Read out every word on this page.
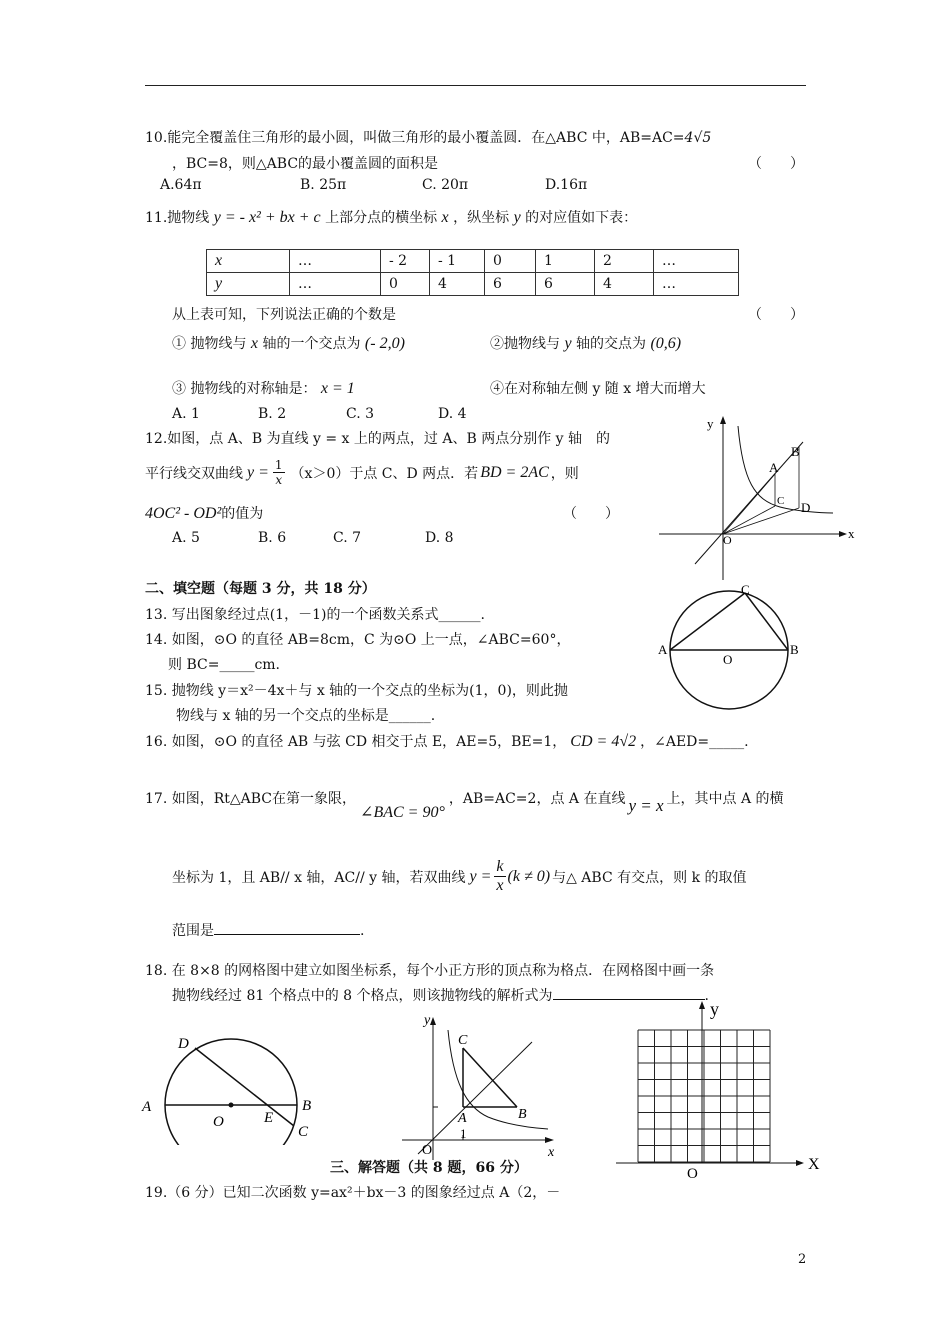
10.能完全覆盖住三角形的最小圆，叫做三角形的最小覆盖圆．在△ABC 中，AB=AC=4√5
，BC=8，则△ABC的最小覆盖圆的面积是	（　　）
A.64π	B. 25π	C. 20π	D.16π
11.抛物线 y = - x² + bx + c 上部分点的横坐标 x ，纵坐标 y 的对应值如下表：
x	…	- 2	- 1	0	1	2	…
y	…	0	4	6	6	4	…
从上表可知，下列说法正确的个数是	（　　）
① 抛物线与 x 轴的一个交点为 (- 2,0)	②抛物线与 y 轴的交点为 (0,6)
③ 抛物线的对称轴是： x = 1	④在对称轴左侧 y 随 x 增大而增大
A. 1	B. 2	C. 3	D. 4
12.如图，点 A、B 为直线 y = x 上的两点，过 A、B 两点分别作 y 轴　的
平行线交双曲线 $y = \frac{1}{x} (x>0)$于点 C、D 两点．若 BD = 2AC ，则
4OC² - OD²的值为	（　　）
A. 5	B. 6	C. 7	D. 8
y
B
A
C D
O	x
二、填空题（每题 3 分，共 18 分）
13. 写出图象经过点(1，－1)的一个函数关系式______.
14. 如图，⊙O 的直径 AB=8cm，C 为⊙O 上一点，∠ABC=60°，
则 BC=_____cm.
15. 抛物线 y＝x²－4x＋与 x 轴的一个交点的坐标为(1，0)，则此抛
物线与 x 轴的另一个交点的坐标是______.
16. 如图，⊙O 的直径 AB 与弦 CD 相交于点 E，AE=5，BE=1， CD = 4√2 ，∠AED=_____.
C
A
O
B
17. 如图，Rt△ABC在第一象限，
∠BAC = 90°
，AB=AC=2，点 A 在直线 y = x 上，其中点 A 的横
坐标为 1，且 AB// x 轴，AC// y 轴，若双曲线 $y = \frac{k}{x} (k \ne 0)$ 与△ ABC 有交点，则 k 的取值
范围是	.
18. 在 8×8 的网格图中建立如图坐标系，每个小正方形的顶点称为格点．在网格图中画一条
抛物线经过 81 个格点中的 8 个格点，则该抛物线的解析式为	.
D
A
O	E
B
C
y
C
A	B
O
1
x
y
O
X
三、解答题（共 8 题，66 分）
19.（6 分）已知二次函数 y=ax²＋bx－3 的图象经过点 A（2，－
2
